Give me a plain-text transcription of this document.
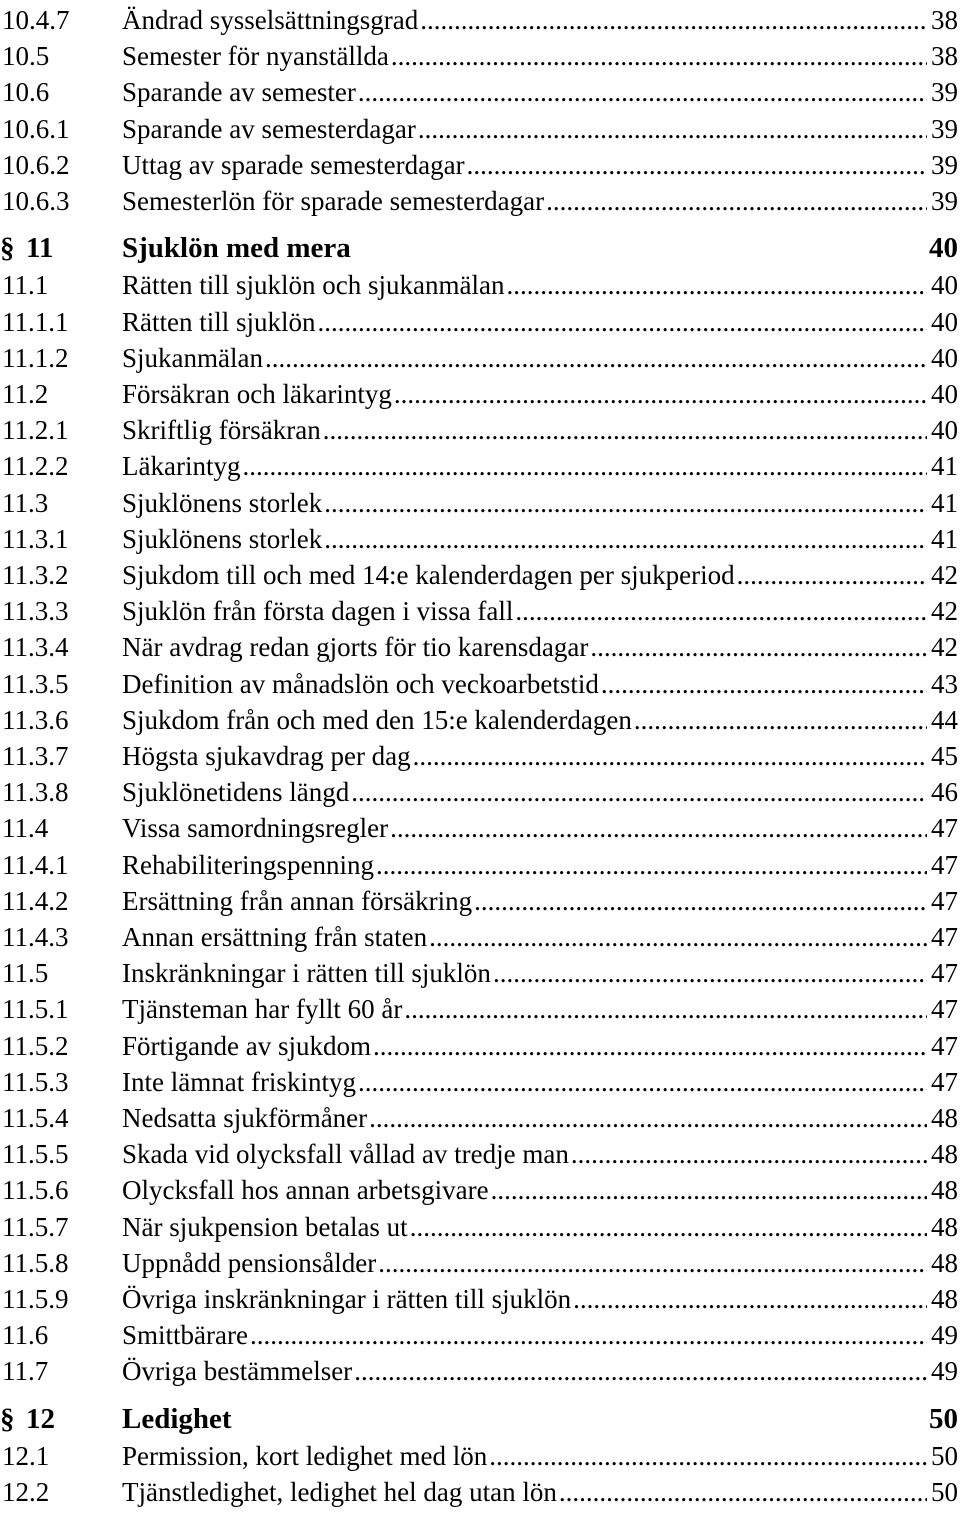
10.4.7 Ändrad sysselsättningsgrad .....	38
10.5	Semester för nyanställda .....	38
10.6	Sparande av semester .....	39
10.6.1 Sparande av semesterdagar .....	39
10.6.2 Uttag av sparade semesterdagar .....	39
10.6.3 Semesterlön för sparade semesterdagar .....	39
§ 11 Sjuklön med mera	40
11.1	Rätten till sjuklön och sjukanmälan .....	40
11.1.1 Rätten till sjuklön .....	40
11.1.2 Sjukanmälan .....	40
11.2	Försäkran och läkarintyg .....	40
11.2.1 Skriftlig försäkran .....	40
11.2.2 Läkarintyg .....	41
11.3	Sjuklönens storlek .....	41
11.3.1 Sjuklönens storlek .....	41
11.3.2 Sjukdom till och med 14:e kalenderdagen per sjukperiod .....	42
11.3.3 Sjuklön från första dagen i vissa fall .....	42
11.3.4 När avdrag redan gjorts för tio karensdagar .....	42
11.3.5 Definition av månadslön och veckoarbetstid .....	43
11.3.6 Sjukdom från och med den 15:e kalenderdagen .....	44
11.3.7 Högsta sjukavdrag per dag .....	45
11.3.8 Sjuklönetidens längd .....	46
11.4	Vissa samordningsregler .....	47
11.4.1 Rehabiliteringspenning .....	47
11.4.2 Ersättning från annan försäkring .....	47
11.4.3 Annan ersättning från staten .....	47
11.5	Inskränkningar i rätten till sjuklön .....	47
11.5.1 Tjänsteman har fyllt 60 år .....	47
11.5.2 Förtigande av sjukdom .....	47
11.5.3 Inte lämnat friskintyg .....	47
11.5.4 Nedsatta sjukförmåner .....	48
11.5.5 Skada vid olycksfall vållad av tredje man .....	48
11.5.6 Olycksfall hos annan arbetsgivare .....	48
11.5.7 När sjukpension betalas ut .....	48
11.5.8 Uppnådd pensionsålder .....	48
11.5.9 Övriga inskränkningar i rätten till sjuklön .....	48
11.6	Smittbärare .....	49
11.7	Övriga bestämmelser .....	49
§ 12 Ledighet	50
12.1	Permission, kort ledighet med lön .....	50
12.2	Tjänstledighet, ledighet hel dag utan lön .....	50
